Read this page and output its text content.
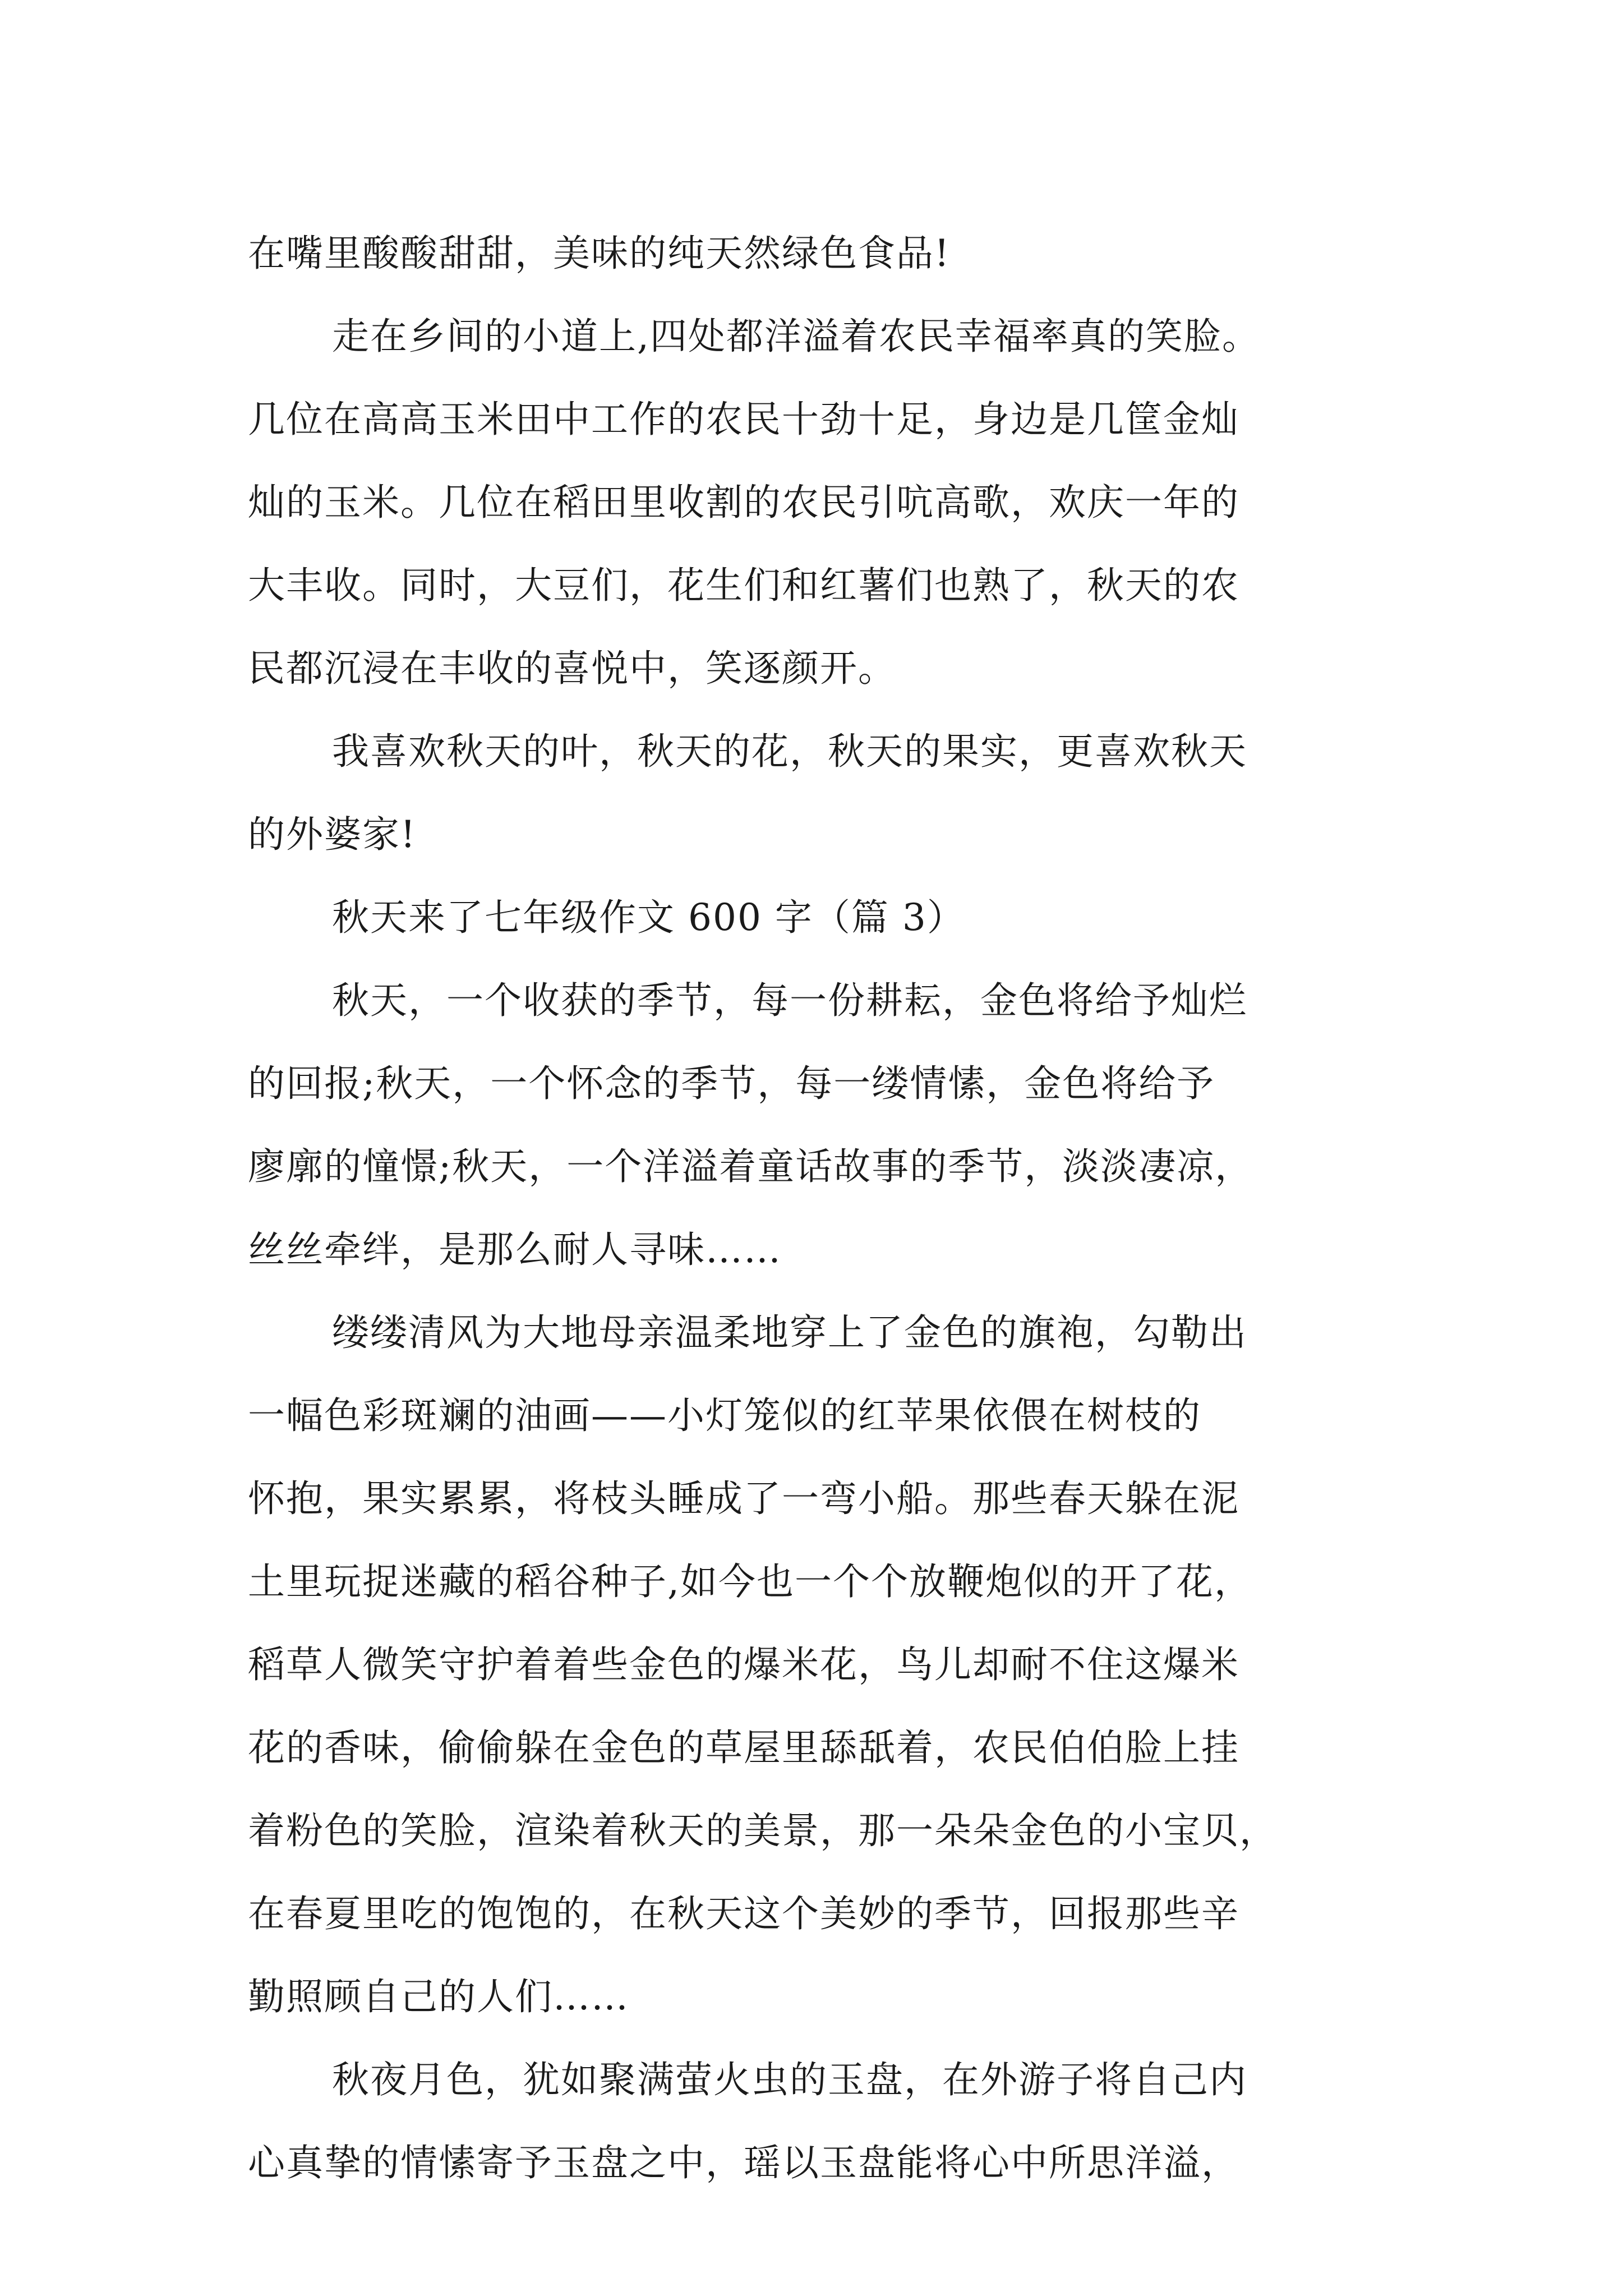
在嘴里酸酸甜甜，美味的纯天然绿色食品!
走在乡间的小道上,四处都洋溢着农民幸福率真的笑脸。
几位在高高玉米田中工作的农民十劲十足，身边是几筐金灿
灿的玉米。几位在稻田里收割的农民引吭高歌，欢庆一年的
大丰收。同时，大豆们，花生们和红薯们也熟了，秋天的农
民都沉浸在丰收的喜悦中，笑逐颜开。
我喜欢秋天的叶，秋天的花，秋天的果实，更喜欢秋天
的外婆家!
秋天来了七年级作文 600 字（篇 3）
秋天，一个收获的季节，每一份耕耘，金色将给予灿烂
的回报;秋天，一个怀念的季节，每一缕情愫，金色将给予
廖廓的憧憬;秋天，一个洋溢着童话故事的季节，淡淡凄凉，
丝丝牵绊，是那么耐人寻味……
缕缕清风为大地母亲温柔地穿上了金色的旗袍，勾勒出
一幅色彩斑斓的油画——小灯笼似的红苹果依偎在树枝的
怀抱，果实累累，将枝头睡成了一弯小船。那些春天躲在泥
土里玩捉迷藏的稻谷种子,如今也一个个放鞭炮似的开了花，
稻草人微笑守护着着些金色的爆米花，鸟儿却耐不住这爆米
花的香味，偷偷躲在金色的草屋里舔舐着，农民伯伯脸上挂
着粉色的笑脸，渲染着秋天的美景，那一朵朵金色的小宝贝，
在春夏里吃的饱饱的，在秋天这个美妙的季节，回报那些辛
勤照顾自己的人们……
秋夜月色，犹如聚满萤火虫的玉盘，在外游子将自己内
心真挚的情愫寄予玉盘之中，瑶以玉盘能将心中所思洋溢，
